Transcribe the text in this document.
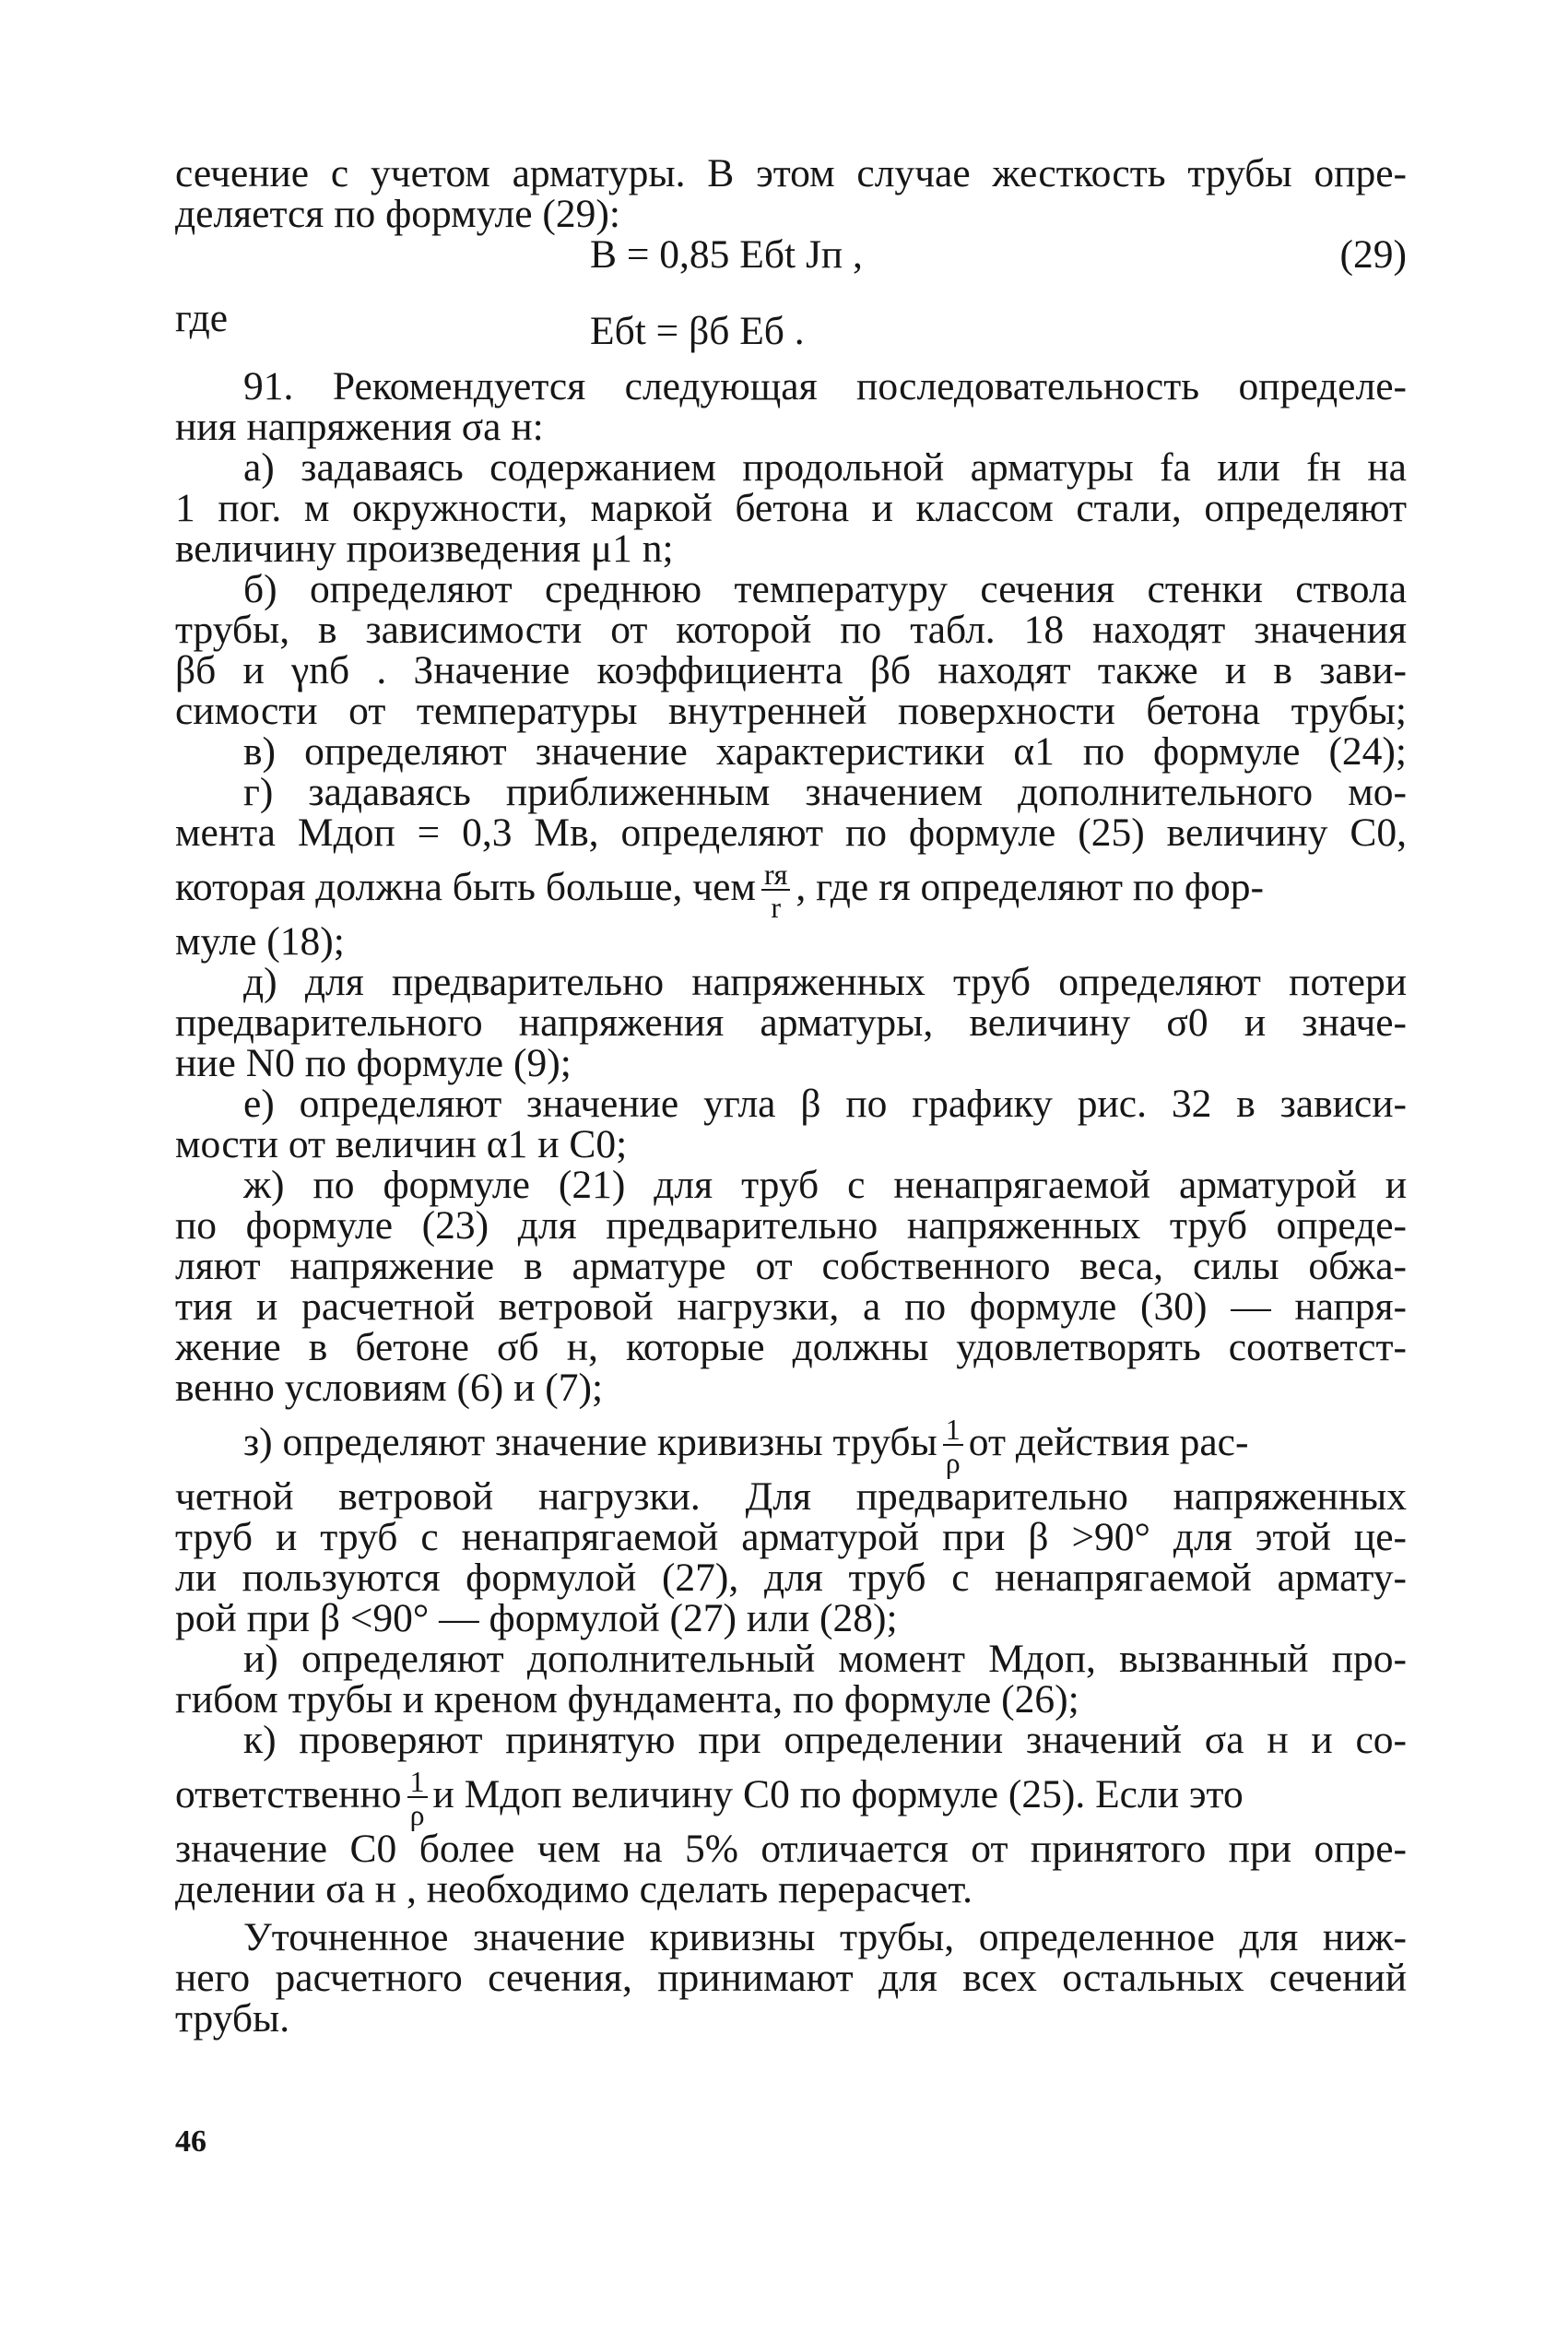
сечение с учетом арматуры. В этом случае жесткость трубы опре-

деляется по формуле (29):

B = 0,85 Eбt Jп ,	(29)
где	Eбt = βб Eб .

91. Рекомендуется следующая последовательность определе-

ния напряжения σа н:

а) задаваясь содержанием продольной арматуры fа или fн на

1 пог. м окружности, маркой бетона и классом стали, определяют

величину произведения μ1 n;

б) определяют среднюю температуру сечения стенки ствола

трубы, в зависимости от которой по табл. 18 находят значения

βб и γnб . Значение коэффициента βб находят также и в зави-

симости от температуры внутренней поверхности бетона трубы;

в) определяют значение характеристики α1 по формуле (24);

г) задаваясь приближенным значением дополнительного мо-

мента Mдоп = 0,3 Mв, определяют по формуле (25) величину C0,

которая должна быть больше, чем $\frac{rя}{r}$ , где rя определяют по фор-

муле (18);

д) для предварительно напряженных труб определяют потери

предварительного напряжения арматуры, величину σ0 и значе-

ние N0 по формуле (9);

е) определяют значение угла β по графику рис. 32 в зависи-

мости от величин α1 и C0;

ж) по формуле (21) для труб с ненапрягаемой арматурой и

по формуле (23) для предварительно напряженных труб опреде-

ляют напряжение в арматуре от собственного веса, силы обжа-

тия и расчетной ветровой нагрузки, а по формуле (30) — напря-

жение в бетоне σб н, которые должны удовлетворять соответст-

венно условиям (6) и (7);

з) определяют значение кривизны трубы $\frac{1}{\rho}$ от действия рас-

четной ветровой нагрузки. Для предварительно напряженных

труб и труб с ненапрягаемой арматурой при β >90° для этой це-

ли пользуются формулой (27), для труб с ненапрягаемой армату-

рой при β <90° — формулой (27) или (28);

и) определяют дополнительный момент Mдоп, вызванный про-

гибом трубы и креном фундамента, по формуле (26);

к) проверяют принятую при определении значений σа н и со-

ответственно $\frac{1}{\rho}$ и Mдоп величину C0 по формуле (25). Если это

значение C0 более чем на 5% отличается от принятого при опре-

делении σа н , необходимо сделать перерасчет.

Уточненное значение кривизны трубы, определенное для ниж-

него расчетного сечения, принимают для всех остальных сечений

трубы.

46
